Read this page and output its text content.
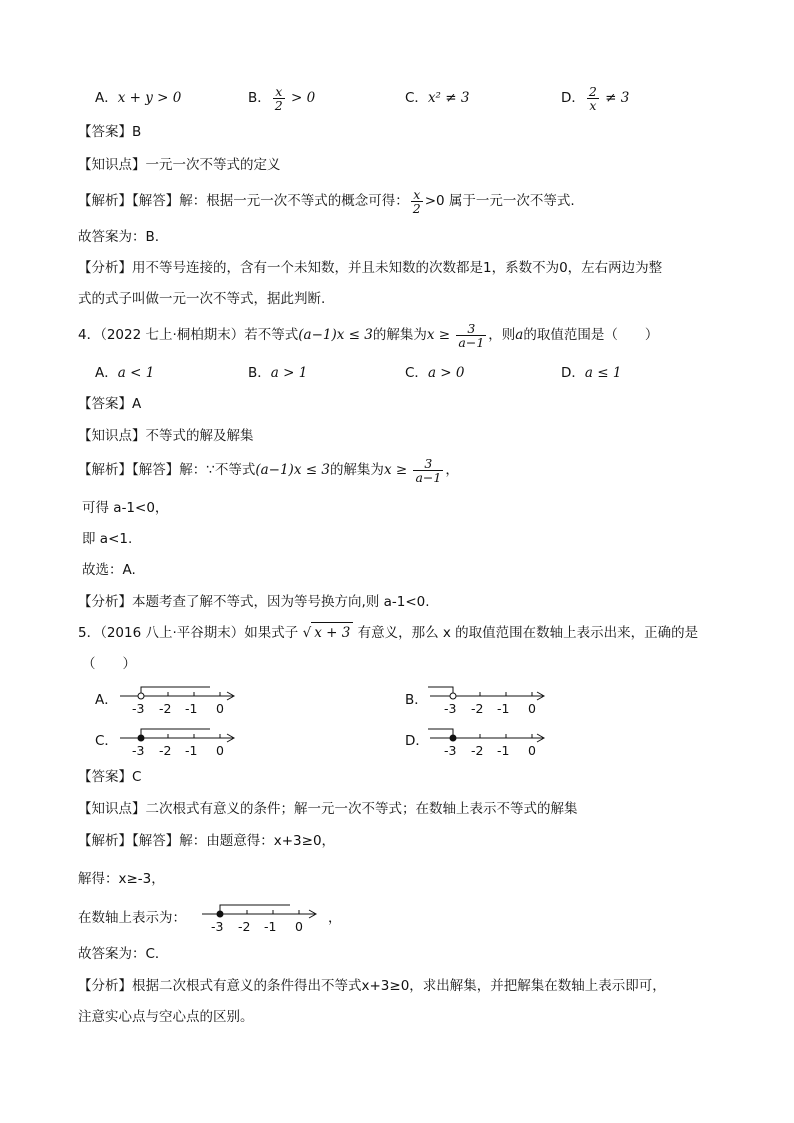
A．x + y > 0	B． $\frac{x}{2} > 0$	C．x² ≠ 3	D． $\frac{2}{x} \ne 3$
【答案】B
【知识点】一元一次不等式的定义
【解析】【解答】解：根据一元一次不等式的概念可得： $\frac{x}{2} >0$ 属于一元一次不等式.
故答案为：B.
【分析】用不等号连接的，含有一个未知数，并且未知数的次数都是1，系数不为0，左右两边为整
式的式子叫做一元一次不等式，据此判断.
4．（2022 七上·桐柏期末）若不等式(a−1)x ≤ 3的解集为$x \ge \frac{3}{a-1}$ ，则a的取值范围是（　　）
A．a < 1	B．a > 1	C．a > 0	D．a ≤ 1
【答案】A
【知识点】不等式的解及解集
【解析】【解答】解：∵不等式(a−1)x ≤ 3的解集为$x \ge \frac{3}{a-1}$ ，
可得 a-1<0，
即 a<1.
故选：A.
【分析】本题考查了解不等式，因为等号换方向,则 a-1<0.
5．（2016 八上·平谷期末）如果式子 √ x + 3 有意义，那么 x 的取值范围在数轴上表示出来，正确的是
（　　）
A．
-3 -2 -1 0
B．
-3 -2 -1 0
C．
-3 -2 -1 0
D．
-3 -2 -1 0
【答案】C
【知识点】二次根式有意义的条件；解一元一次不等式；在数轴上表示不等式的解集
【解析】【解答】解：由题意得：x+3≥0，
解得：x≥-3，
在数轴上表示为：
-3 -2 -1 0
，
故答案为：C．
【分析】根据二次根式有意义的条件得出不等式x+3≥0，求出解集，并把解集在数轴上表示即可，
注意实心点与空心点的区别。
